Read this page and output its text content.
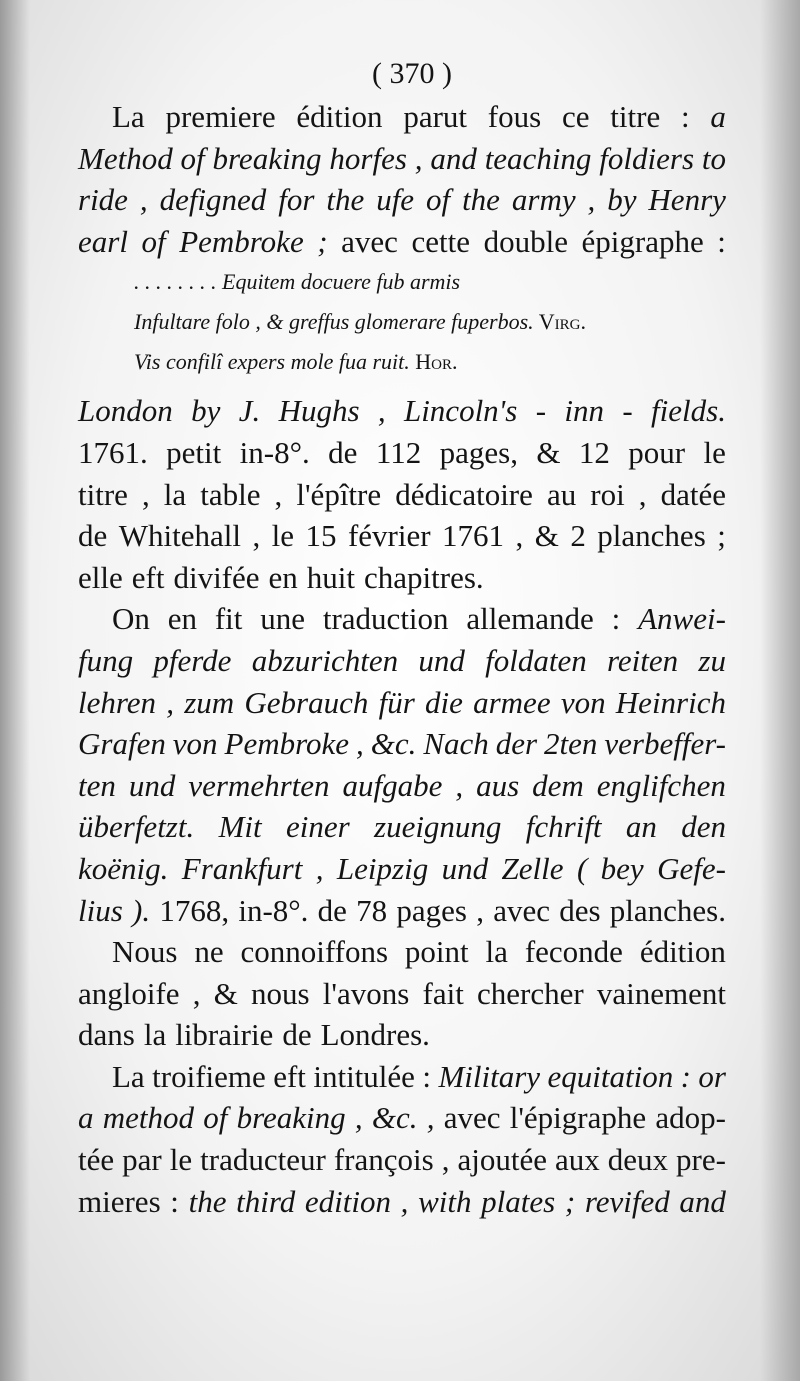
( 370 )
La premiere édition parut fous ce titre : a
Method of breaking horfes , and teaching foldiers to
ride , defigned for the ufe of the army , by Henry
earl of Pembroke ; avec cette double épigraphe :
. . . . . . . . Equitem docuere fub armis
Infultare folo , & greffus glomerare fuperbos. Virg.
Vis confilî expers mole fua ruit. Hor.
London by J. Hughs , Lincoln's - inn - fields.
1761. petit in-8°. de 112 pages, & 12 pour le
titre , la table , l'épître dédicatoire au roi , datée
de Whitehall , le 15 février 1761 , & 2 planches ;
elle eft divifée en huit chapitres.
On en fit une traduction allemande : Anwei-
fung pferde abzurichten und foldaten reiten zu
lehren , zum Gebrauch für die armee von Heinrich
Grafen von Pembroke , &c. Nach der 2ten verbeffer-
ten und vermehrten aufgabe , aus dem englifchen
überfetzt. Mit einer zueignung fchrift an den
koënig. Frankfurt , Leipzig und Zelle ( bey Gefe-
lius ). 1768, in-8°. de 78 pages , avec des planches.
Nous ne connoiffons point la feconde édition
angloife , & nous l'avons fait chercher vainement
dans la librairie de Londres.
La troifieme eft intitulée : Military equitation : or
a method of breaking , &c. , avec l'épigraphe adop-
tée par le traducteur françois , ajoutée aux deux pre-
mieres : the third edition , with plates ; revifed and
